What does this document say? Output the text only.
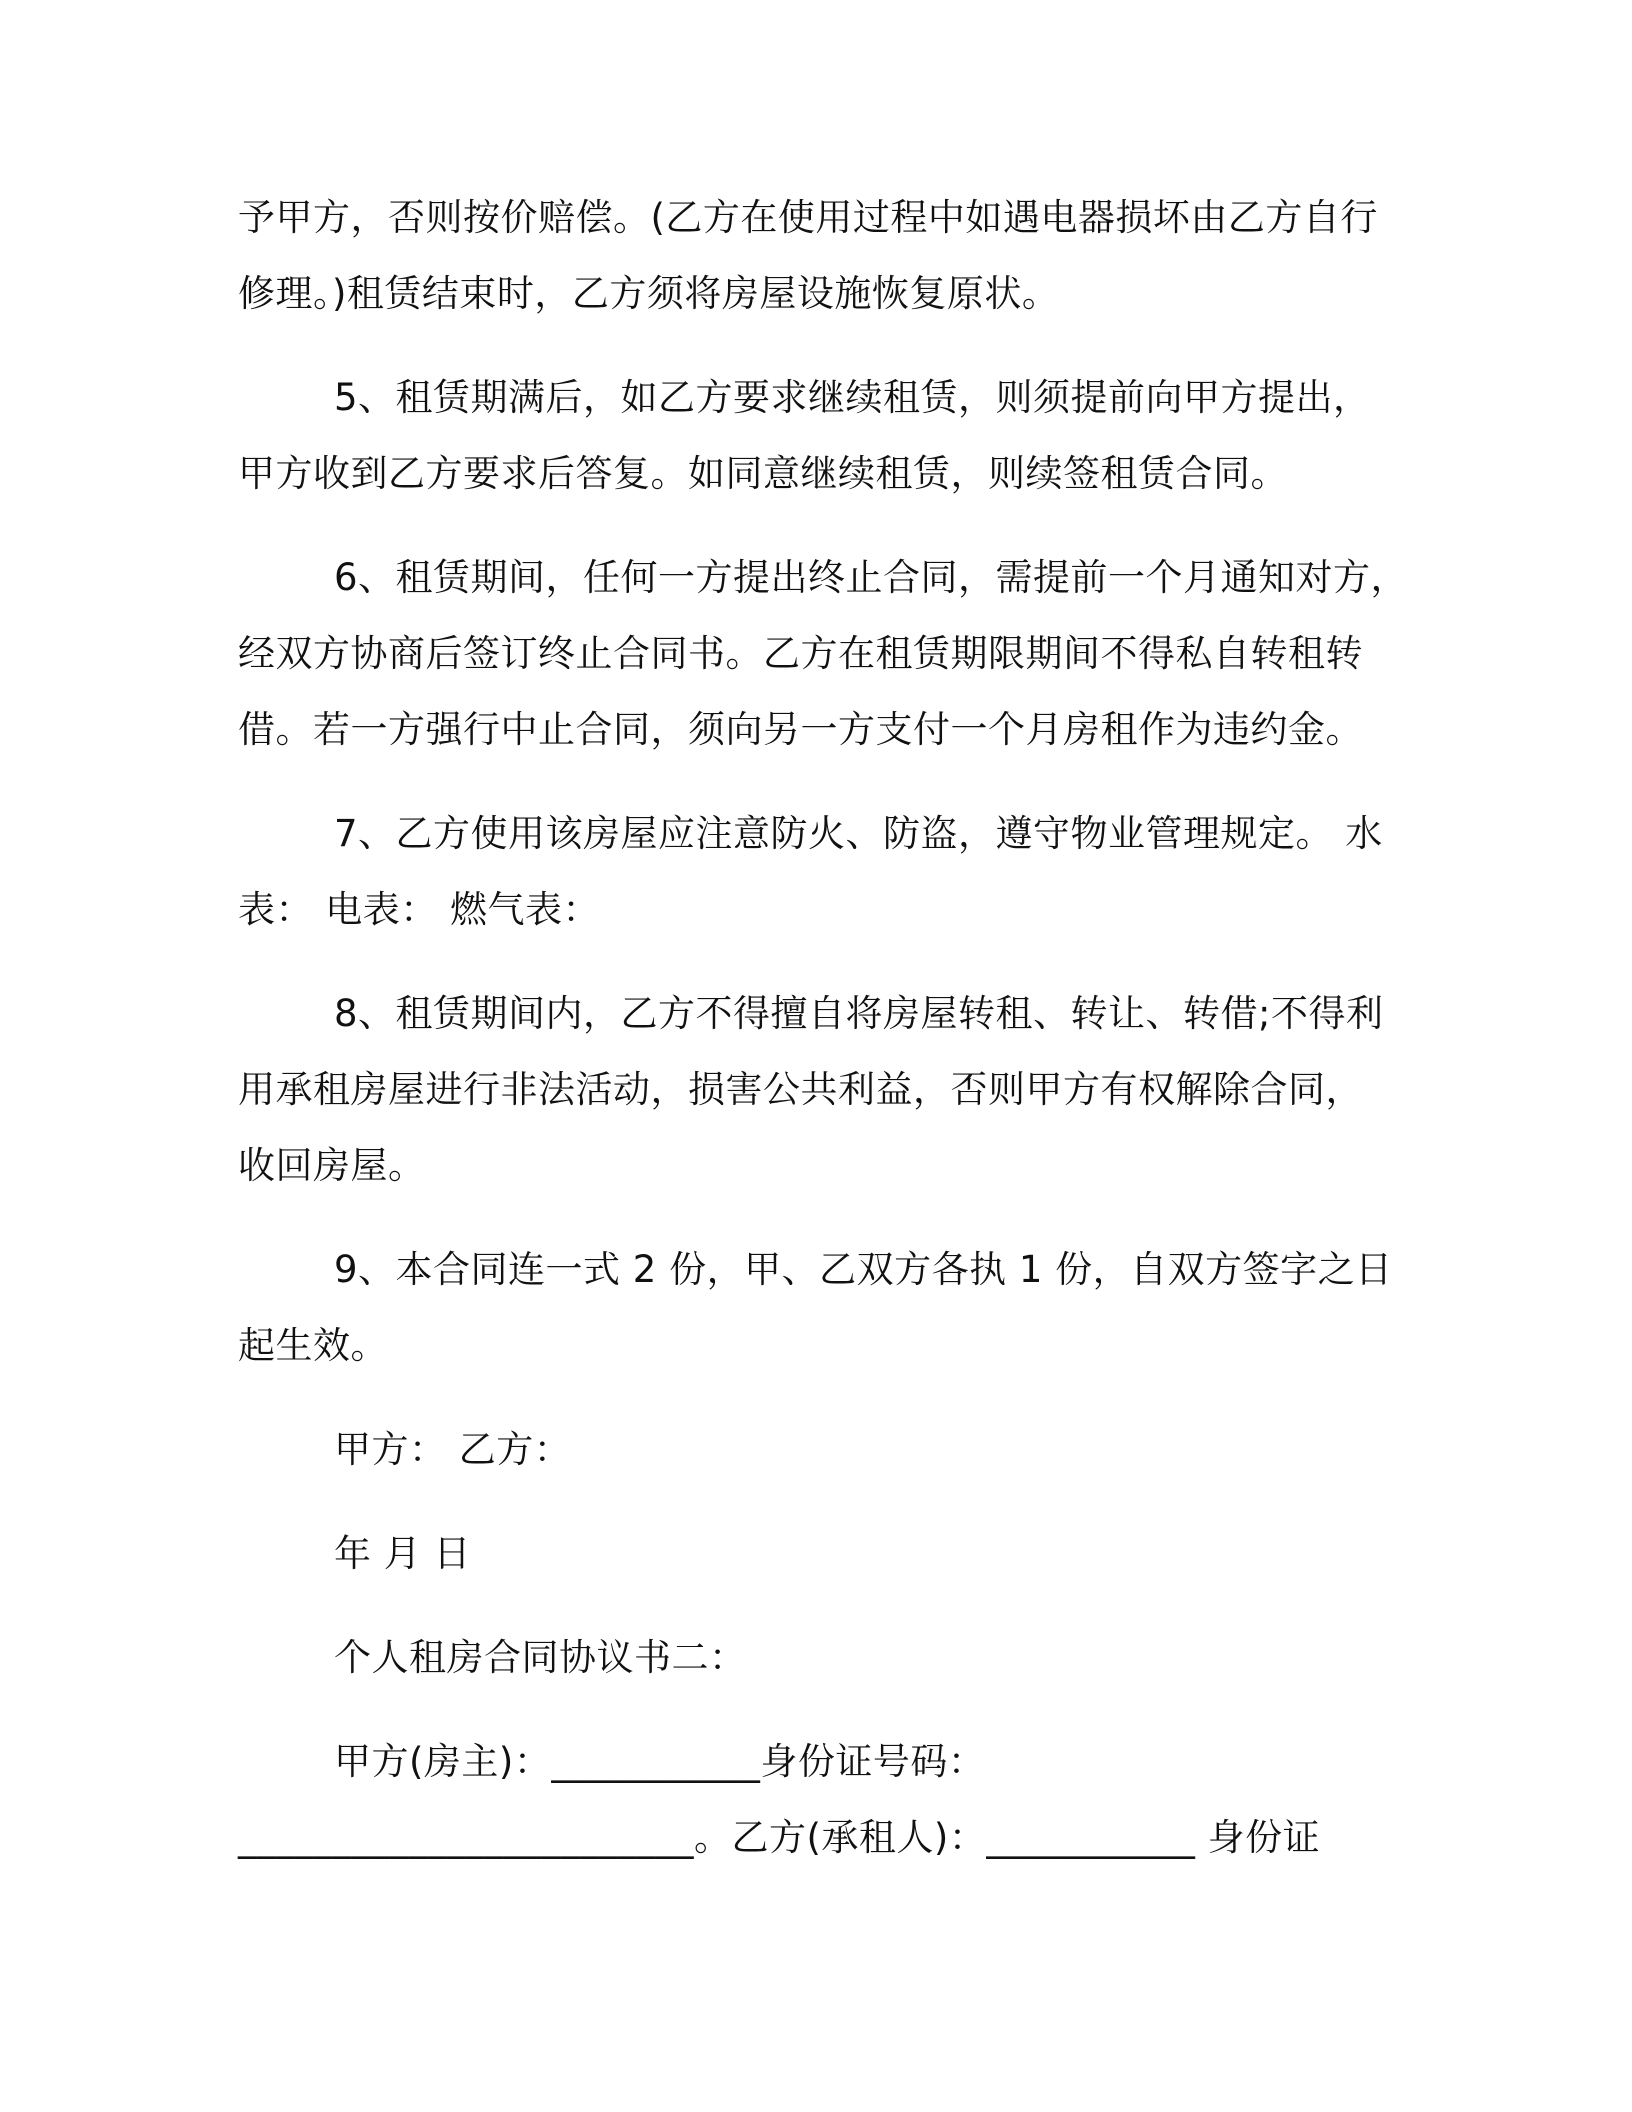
予甲方，否则按价赔偿。(乙方在使用过程中如遇电器损坏由乙方自行
修理。)租赁结束时，乙方须将房屋设施恢复原状。
5、租赁期满后，如乙方要求继续租赁，则须提前向甲方提出，
甲方收到乙方要求后答复。如同意继续租赁，则续签租赁合同。
6、租赁期间，任何一方提出终止合同，需提前一个月通知对方，
经双方协商后签订终止合同书。乙方在租赁期限期间不得私自转租转
借。若一方强行中止合同，须向另一方支付一个月房租作为违约金。
7、乙方使用该房屋应注意防火、防盗，遵守物业管理规定。 水
表： 电表： 燃气表：
8、租赁期间内，乙方不得擅自将房屋转租、转让、转借;不得利
用承租房屋进行非法活动，损害公共利益，否则甲方有权解除合同，
收回房屋。
9、本合同连一式 2 份，甲、乙双方各执 1 份，自双方签字之日
起生效。
甲方： 乙方：
年 月 日
个人租房合同协议书二：
甲方(房主)：___________身份证号码：
________________________。乙方(承租人)：___________ 身份证
